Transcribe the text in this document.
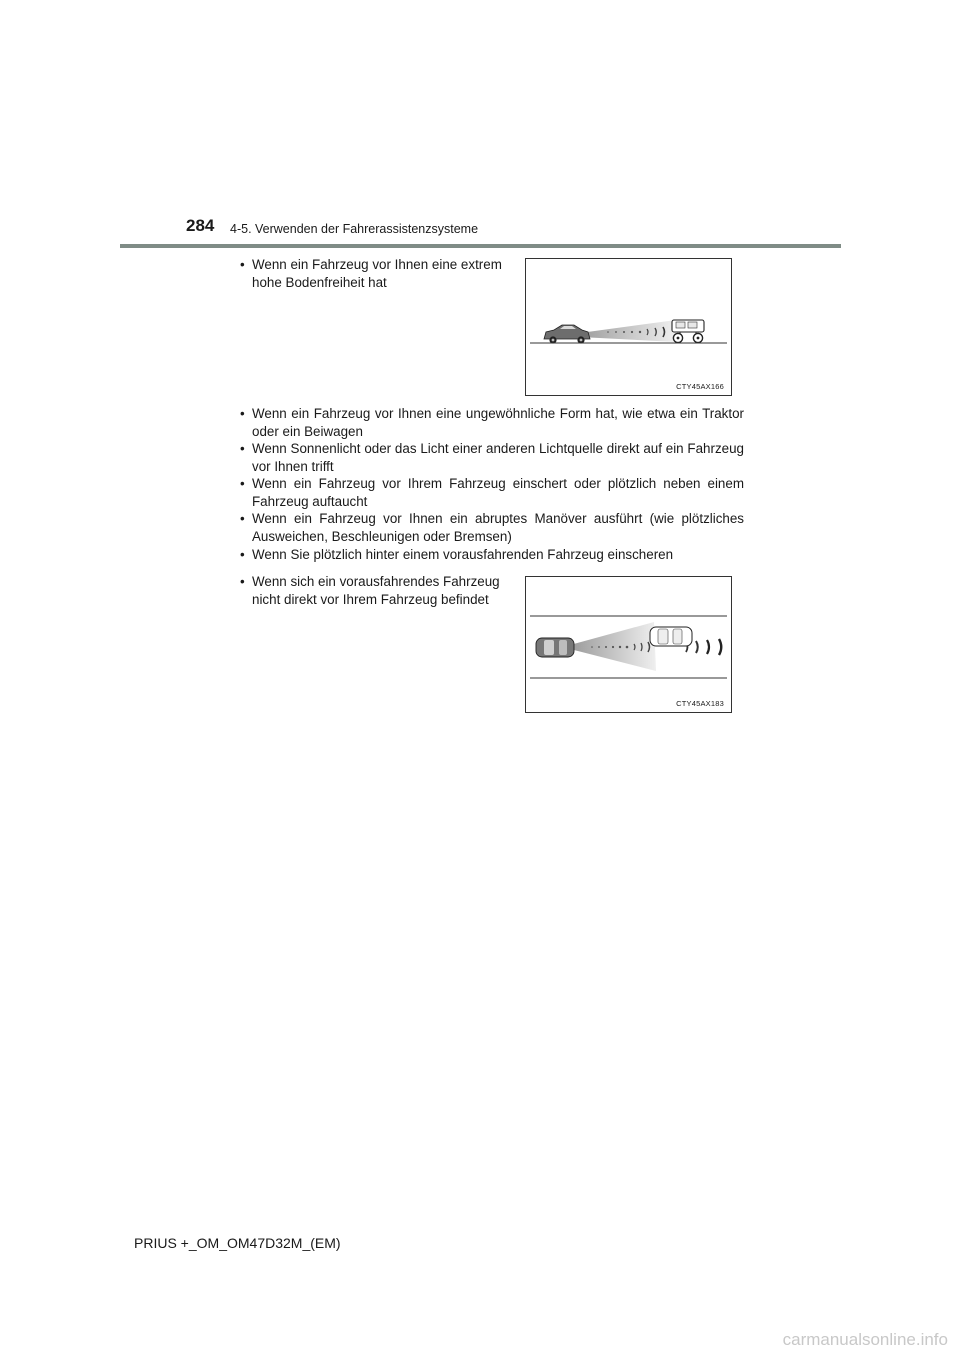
284 4-5. Verwenden der Fahrerassistenzsysteme
• Wenn ein Fahrzeug vor Ihnen eine extrem hohe Bodenfreiheit hat
CTY45AX166
• Wenn ein Fahrzeug vor Ihnen eine ungewöhnliche Form hat, wie etwa ein Traktor oder ein Beiwagen
• Wenn Sonnenlicht oder das Licht einer anderen Lichtquelle direkt auf ein Fahrzeug vor Ihnen trifft
• Wenn ein Fahrzeug vor Ihrem Fahrzeug einschert oder plötzlich neben einem Fahrzeug auftaucht
• Wenn ein Fahrzeug vor Ihnen ein abruptes Manöver ausführt (wie plötzliches Ausweichen, Beschleunigen oder Bremsen)
• Wenn Sie plötzlich hinter einem vorausfahrenden Fahrzeug einscheren
• Wenn sich ein vorausfahrendes Fahrzeug nicht direkt vor Ihrem Fahrzeug befindet
CTY45AX183
PRIUS +_OM_OM47D32M_(EM)
carmanualsonline.info
